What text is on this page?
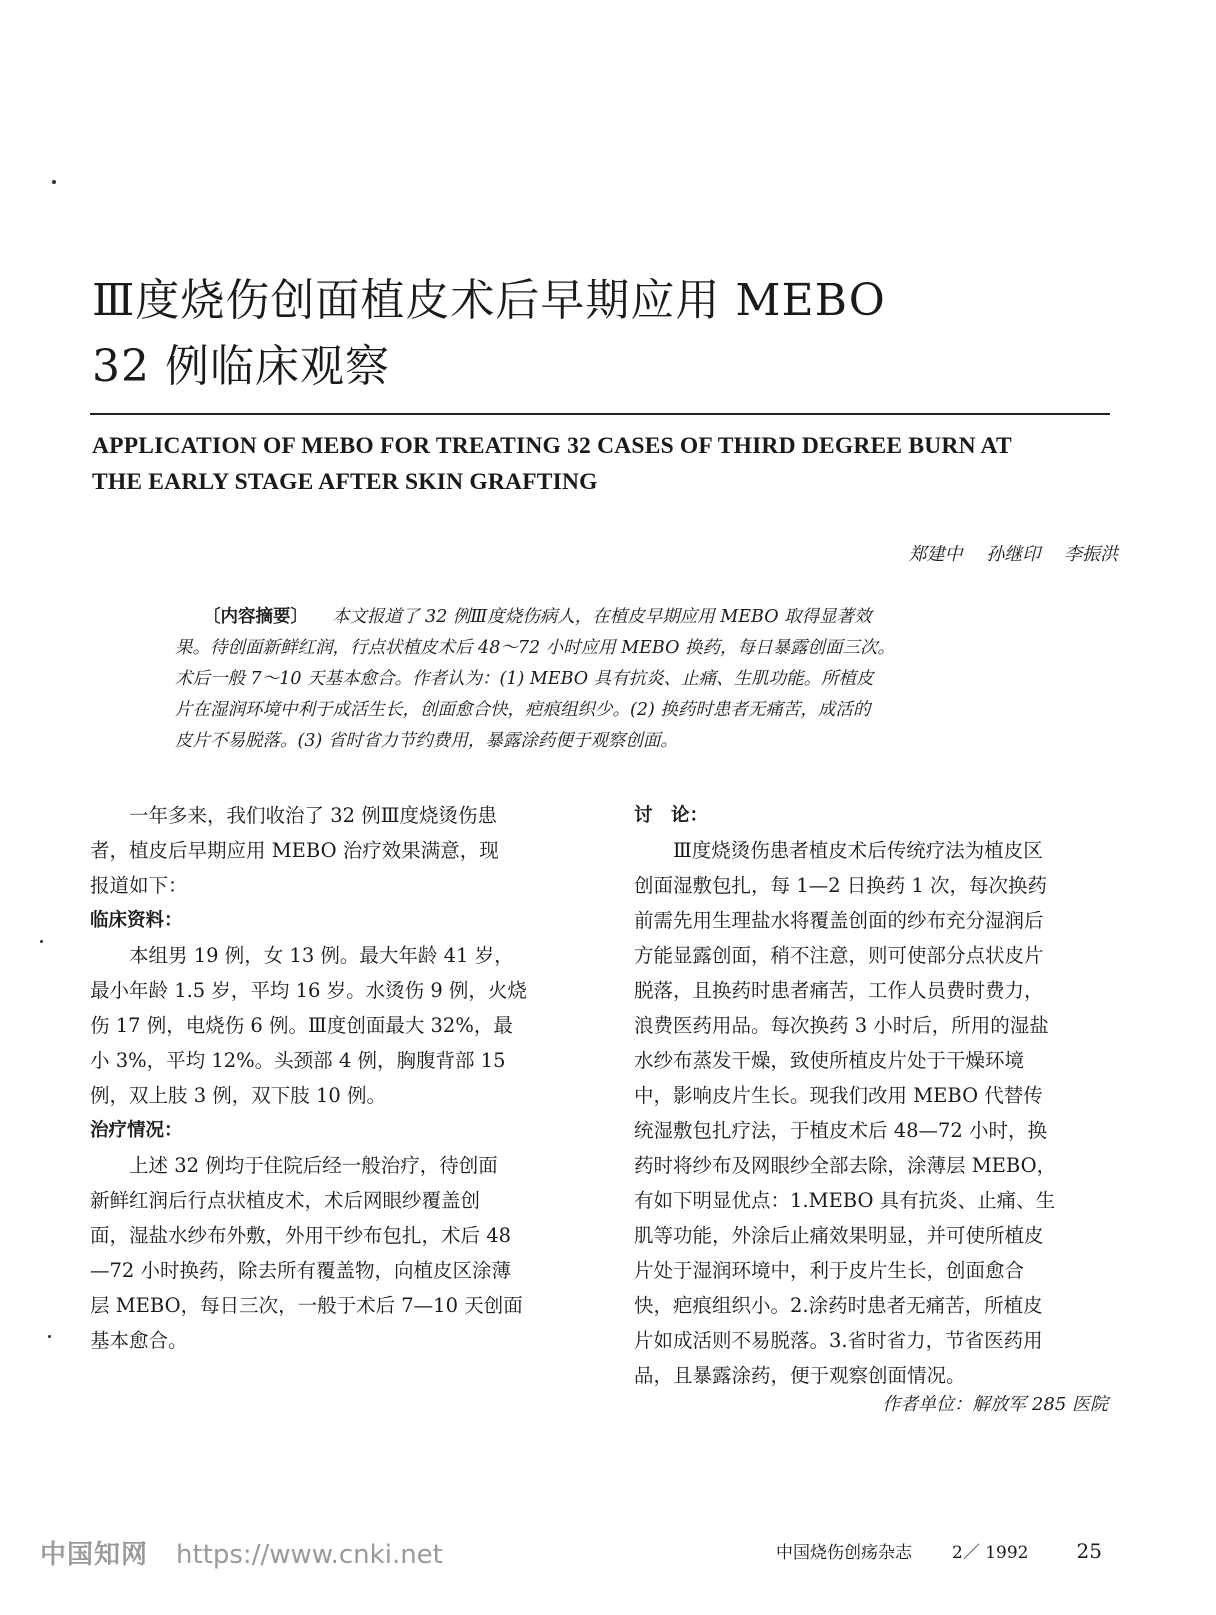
Ⅲ度烧伤创面植皮术后早期应用 MEBO
32 例临床观察
APPLICATION OF MEBO FOR TREATING 32 CASES OF THIRD DEGREE BURN AT
THE EARLY STAGE AFTER SKIN GRAFTING
郑建中 孙继印 李振洪
〔内容摘要〕 本文报道了 32 例Ⅲ度烧伤病人，在植皮早期应用 MEBO 取得显著效
果。待创面新鲜红润，行点状植皮术后 48～72 小时应用 MEBO 换药，每日暴露创面三次。
术后一般 7～10 天基本愈合。作者认为：(1) MEBO 具有抗炎、止痛、生肌功能。所植皮
片在湿润环境中利于成活生长，创面愈合快，疤痕组织少。(2) 换药时患者无痛苦，成活的
皮片不易脱落。(3) 省时省力节约费用，暴露涂药便于观察创面。
　　一年多来，我们收治了 32 例Ⅲ度烧烫伤患
者，植皮后早期应用 MEBO 治疗效果满意，现
报道如下：
临床资料：
　　本组男 19 例，女 13 例。最大年龄 41 岁，
最小年龄 1.5 岁，平均 16 岁。水烫伤 9 例，火烧
伤 17 例，电烧伤 6 例。Ⅲ度创面最大 32%，最
小 3%，平均 12%。头颈部 4 例，胸腹背部 15
例，双上肢 3 例，双下肢 10 例。
治疗情况：
　　上述 32 例均于住院后经一般治疗，待创面
新鲜红润后行点状植皮术，术后网眼纱覆盖创
面，湿盐水纱布外敷，外用干纱布包扎，术后 48
—72 小时换药，除去所有覆盖物，向植皮区涂薄
层 MEBO，每日三次，一般于术后 7—10 天创面
基本愈合。
讨　论：
　　Ⅲ度烧烫伤患者植皮术后传统疗法为植皮区
创面湿敷包扎，每 1—2 日换药 1 次，每次换药
前需先用生理盐水将覆盖创面的纱布充分湿润后
方能显露创面，稍不注意，则可使部分点状皮片
脱落，且换药时患者痛苦，工作人员费时费力，
浪费医药用品。每次换药 3 小时后，所用的湿盐
水纱布蒸发干燥，致使所植皮片处于干燥环境
中，影响皮片生长。现我们改用 MEBO 代替传
统湿敷包扎疗法，于植皮术后 48—72 小时，换
药时将纱布及网眼纱全部去除，涂薄层 MEBO，
有如下明显优点：1.MEBO 具有抗炎、止痛、生
肌等功能，外涂后止痛效果明显，并可使所植皮
片处于湿润环境中，利于皮片生长，创面愈合
快，疤痕组织小。2.涂药时患者无痛苦，所植皮
片如成活则不易脱落。3.省时省力，节省医药用
品，且暴露涂药，便于观察创面情况。
作者单位：解放军 285 医院
中国知网 https://www.cnki.net	中国烧伤创疡杂志 2／ 1992 25
